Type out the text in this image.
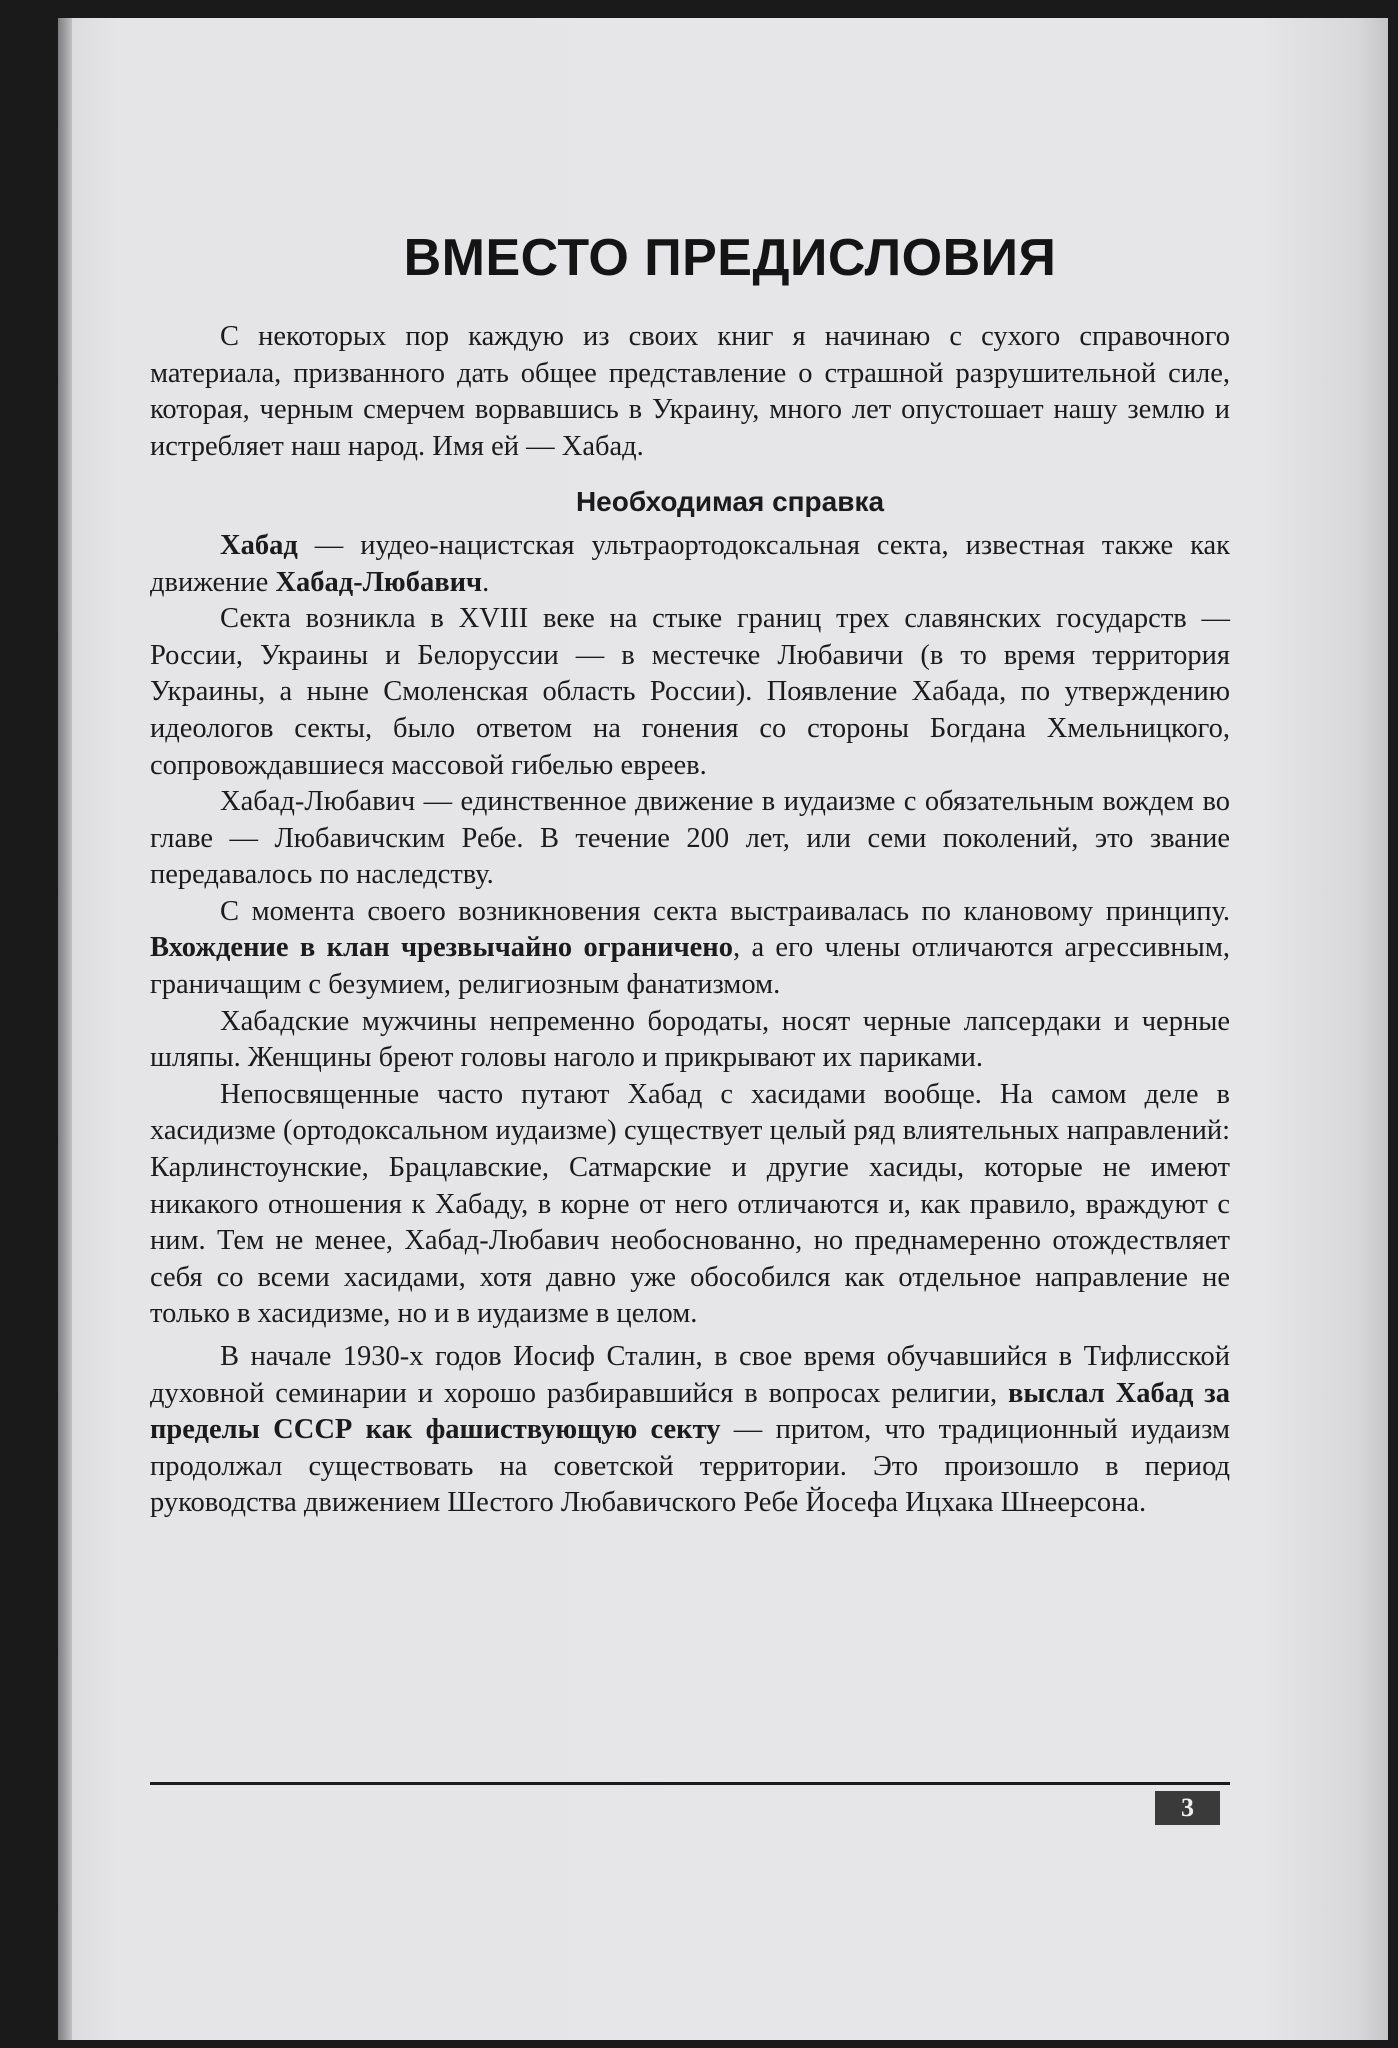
ВМЕСТО ПРЕДИСЛОВИЯ

С некоторых пор каждую из своих книг я начинаю с сухого справочного материала, призванного дать общее представление о страшной разрушительной силе, которая, черным смерчем ворвавшись в Украину, много лет опустошает нашу землю и истребляет наш народ. Имя ей — Хабад.

Необходимая справка

Хабад — иудео-нацистская ультраортодоксальная секта, известная также как движение Хабад-Любавич.

Секта возникла в XVIII веке на стыке границ трех славянских государств — России, Украины и Белоруссии — в местечке Любавичи (в то время территория Украины, а ныне Смоленская область России). Появление Хабада, по утверждению идеологов секты, было ответом на гонения со стороны Богдана Хмельницкого, сопровождавшиеся массовой гибелью евреев.

Хабад-Любавич — единственное движение в иудаизме с обязательным вождем во главе — Любавичским Ребе. В течение 200 лет, или семи поколений, это звание передавалось по наследству.

С момента своего возникновения секта выстраивалась по клановому принципу. Вхождение в клан чрезвычайно ограничено, а его члены отличаются агрессивным, граничащим с безумием, религиозным фанатизмом.

Хабадские мужчины непременно бородаты, носят черные лапсердаки и черные шляпы. Женщины бреют головы наголо и прикрывают их париками.

Непосвященные часто путают Хабад с хасидами вообще. На самом деле в хасидизме (ортодоксальном иудаизме) существует целый ряд влиятельных направлений: Карлинстоунские, Брацлавские, Сатмарские и другие хасиды, которые не имеют никакого отношения к Хабаду, в корне от него отличаются и, как правило, враждуют с ним. Тем не менее, Хабад-Любавич необоснованно, но преднамеренно отождествляет себя со всеми хасидами, хотя давно уже обособился как отдельное направление не только в хасидизме, но и в иудаизме в целом.

В начале 1930-х годов Иосиф Сталин, в свое время обучавшийся в Тифлисской духовной семинарии и хорошо разбиравшийся в вопросах религии, выслал Хабад за пределы СССР как фашиствующую секту — притом, что традиционный иудаизм продолжал существовать на советской территории. Это произошло в период руководства движением Шестого Любавичского Ребе Йосефа Ицхака Шнеерсона.

3
